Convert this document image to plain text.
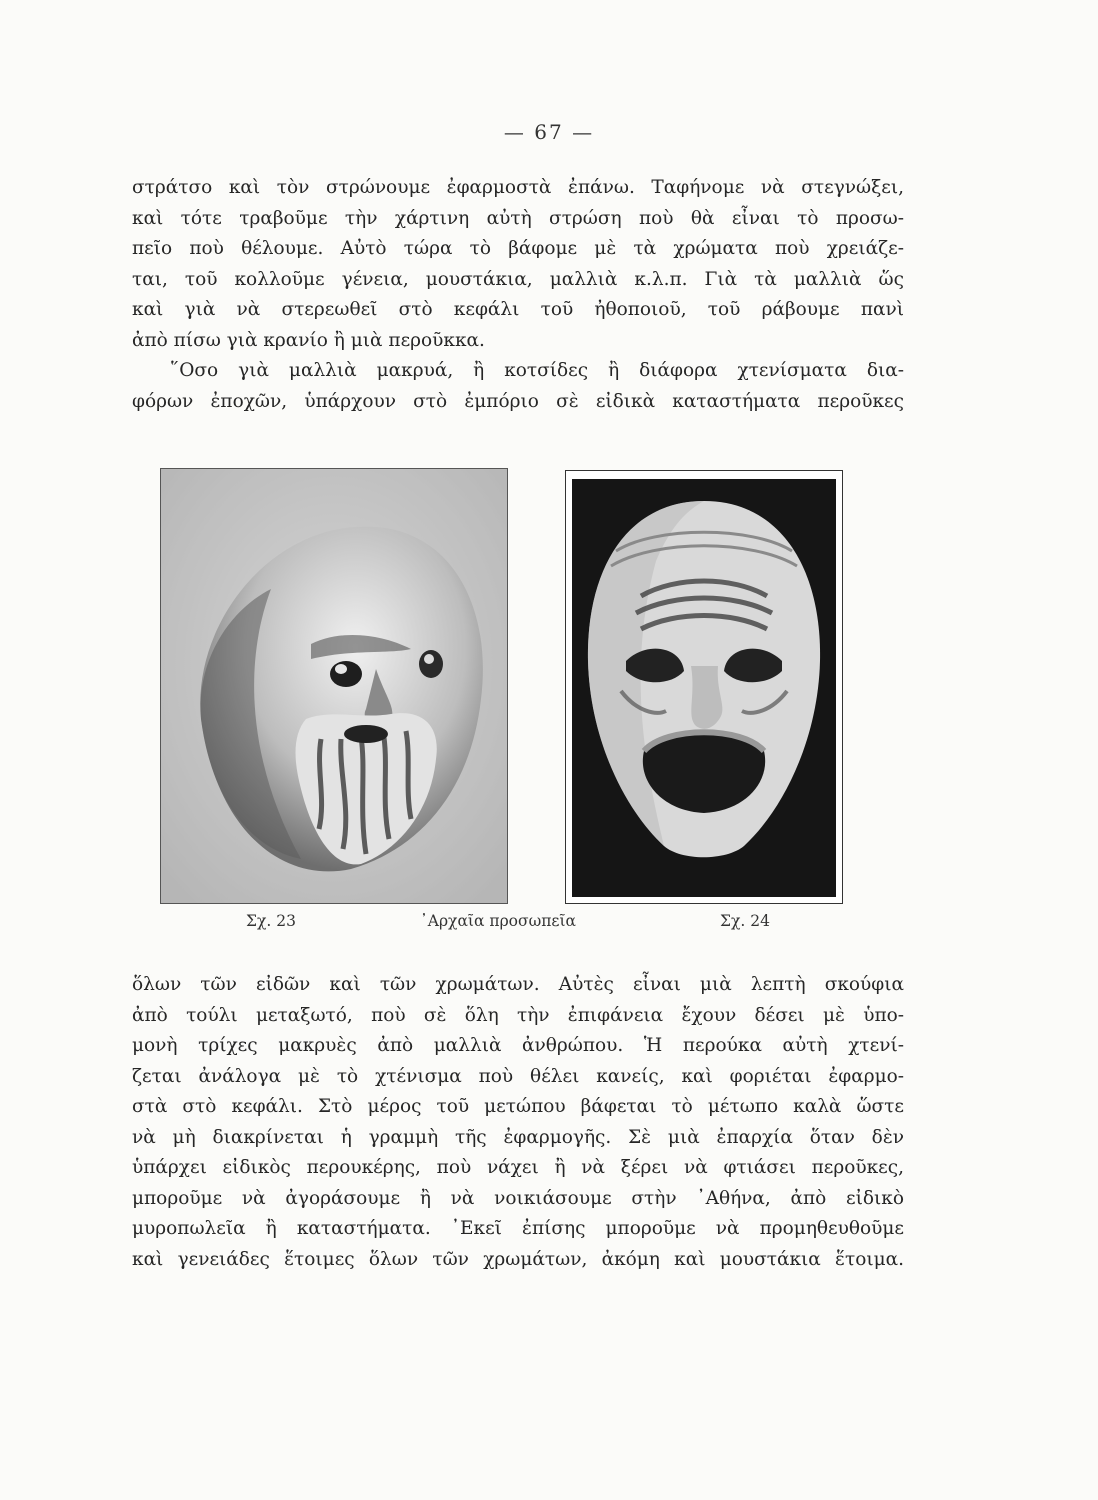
— 67 —
στράτσο καὶ τὸν στρώνουμε ἐφαρμοστὰ ἐπάνω. Ταφήνομε νὰ στεγνώξει,
καὶ τότε τραβοῦμε τὴν χάρτινη αὐτὴ στρώση ποὺ θὰ εἶναι τὸ προσω-
πεῖο ποὺ θέλουμε. Αὐτὸ τώρα τὸ βάφομε μὲ τὰ χρώματα ποὺ χρειάζε-
ται, τοῦ κολλοῦμε γένεια, μουστάκια, μαλλιὰ κ.λ.π. Γιὰ τὰ μαλλιὰ ὥς
καὶ γιὰ νὰ στερεωθεῖ στὸ κεφάλι τοῦ ἠθοποιοῦ, τοῦ ράβουμε πανὶ
ἀπὸ πίσω γιὰ κρανίο ἢ μιὰ περοῦκκα.
῞Οσο γιὰ μαλλιὰ μακρυά, ἢ κοτσίδες ἢ διάφορα χτενίσματα δια-
φόρων ἐποχῶν, ὑπάρχουν στὸ ἐμπόριο σὲ εἰδικὰ καταστήματα περοῦκες
Σχ. 23	᾿Αρχαῖα προσωπεῖα	Σχ. 24
ὅλων τῶν εἰδῶν καὶ τῶν χρωμάτων. Αὐτὲς εἶναι μιὰ λεπτὴ σκούφια
ἀπὸ τούλι μεταξωτό, ποὺ σὲ ὅλη τὴν ἐπιφάνεια ἔχουν δέσει μὲ ὑπο-
μονὴ τρίχες μακρυὲς ἀπὸ μαλλιὰ ἀνθρώπου. Ἡ περούκα αὐτὴ χτενί-
ζεται ἀνάλογα μὲ τὸ χτένισμα ποὺ θέλει κανείς, καὶ φοριέται ἐφαρμο-
στὰ στὸ κεφάλι. Στὸ μέρος τοῦ μετώπου βάφεται τὸ μέτωπο καλὰ ὥστε
νὰ μὴ διακρίνεται ἡ γραμμὴ τῆς ἐφαρμογῆς. Σὲ μιὰ ἐπαρχία ὅταν δὲν
ὑπάρχει εἰδικὸς περουκέρης, ποὺ νάχει ἢ νὰ ξέρει νὰ φτιάσει περοῦκες,
μποροῦμε νὰ ἀγοράσουμε ἢ νὰ νοικιάσουμε στὴν ᾿Αθήνα, ἀπὸ εἰδικὸ
μυροπωλεῖα ἢ καταστήματα. ᾿Εκεῖ ἐπίσης μποροῦμε νὰ προμηθευθοῦμε
καὶ γενειάδες ἕτοιμες ὅλων τῶν χρωμάτων, ἀκόμη καὶ μουστάκια ἕτοιμα.
